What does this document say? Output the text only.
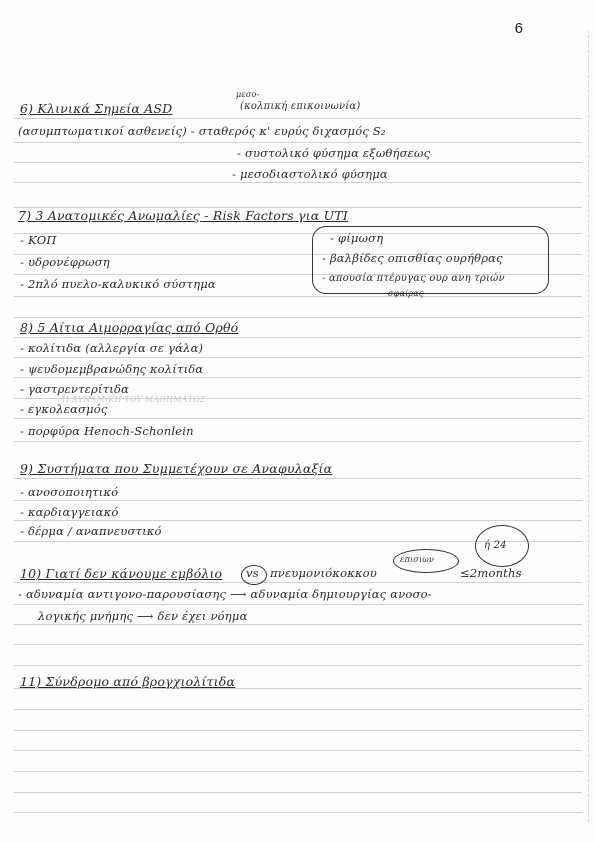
6
μεσο-
6) Κλινικά Σημεία ASD	(κολπική επικοινωνία)
(ασυμπτωματικοί ασθενείς) - σταθερός κ' ευρύς διχασμός S₂
- συστολικό φύσημα εξωθήσεως
- μεσοδιαστολικό φύσημα
7) 3 Ανατομικές Ανωμαλίες - Risk Factors για UTI
- ΚΟΠ
- υδρονέφρωση
- 2πλό πυελο-καλυκικό σύστημα
- φίμωση
- βαλβίδες οπισθίας ουρήθρας
- απουσία πτέρυγας ουρ ανη τριών
σφαίρας
8) 5 Αίτια Αιμορραγίας από Ορθό
- κολίτιδα (αλλεργία σε γάλα)
- ψευδομεμβρανώδης κολίτιδα
- γαστρεντερίτιδα
- εγκολεασμός
- πορφύρα Henoch-Schonlein
Η ΔΥΝΑΜΙΚΗ ΤΟΥ ΜΑΘΗΜΑΤΟΣ
9) Συστήματα που Συμμετέχουν σε Αναφυλαξία
- ανοσοποιητικό
- καρδιαγγειακό
- δέρμα / αναπνευστικό
ή 24
επισιων
10) Γιατί δεν κάνουμε εμβόλιο vs πνευμονιόκοκκου	≤2months
- αδυναμία αντιγονο-παρουσίασης ⟶ αδυναμία δημιουργίας ανοσο-
λογικής μνήμης ⟶ δεν έχει νόημα
11) Σύνδρομο από βρογχιολίτιδα
